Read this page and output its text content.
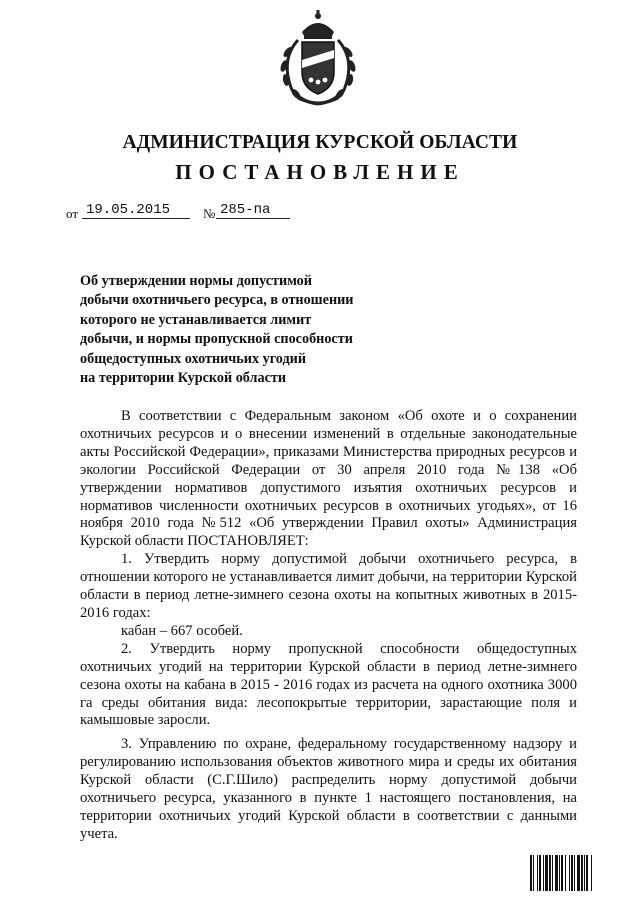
АДМИНИСТРАЦИЯ КУРСКОЙ ОБЛАСТИ
ПОСТАНОВЛЕНИЕ
от 19.05.2015	№ 285-па
Об утверждении нормы допустимой
добычи охотничьего ресурса, в отношении
которого не устанавливается лимит
добычи, и нормы пропускной способности
общедоступных охотничьих угодий
на территории Курской области

В соответствии с Федеральным законом «Об охоте и о сохранении охотничьих ресурсов и о внесении изменений в отдельные законодательные акты Российской Федерации», приказами Министерства природных ресурсов и экологии Российской Федерации от 30 апреля 2010 года №138 «Об утверждении нормативов допустимого изъятия охотничьих ресурсов и нормативов численности охотничьих ресурсов в охотничьих угодьях», от 16 ноября 2010 года №512 «Об утверждении Правил охоты» Администрация Курской области ПОСТАНОВЛЯЕТ:

1. Утвердить норму допустимой добычи охотничьего ресурса, в отношении которого не устанавливается лимит добычи, на территории Курской области в период летне-зимнего сезона охоты на копытных животных в 2015-2016 годах:

кабан – 667 особей.

2. Утвердить норму пропускной способности общедоступных охотничьих угодий на территории Курской области в период летне-зимнего сезона охоты на кабана в 2015 - 2016 годах из расчета на одного охотника 3000 га среды обитания вида: лесопокрытые территории, зарастающие поля и камышовые заросли.

3. Управлению по охране, федеральному государственному надзору и регулированию использования объектов животного мира и среды их обитания Курской области (С.Г.Шило) распределить норму допустимой добычи охотничьего ресурса, указанного в пункте 1 настоящего постановления, на территории охотничьих угодий Курской области в соответствии с данными учета.
